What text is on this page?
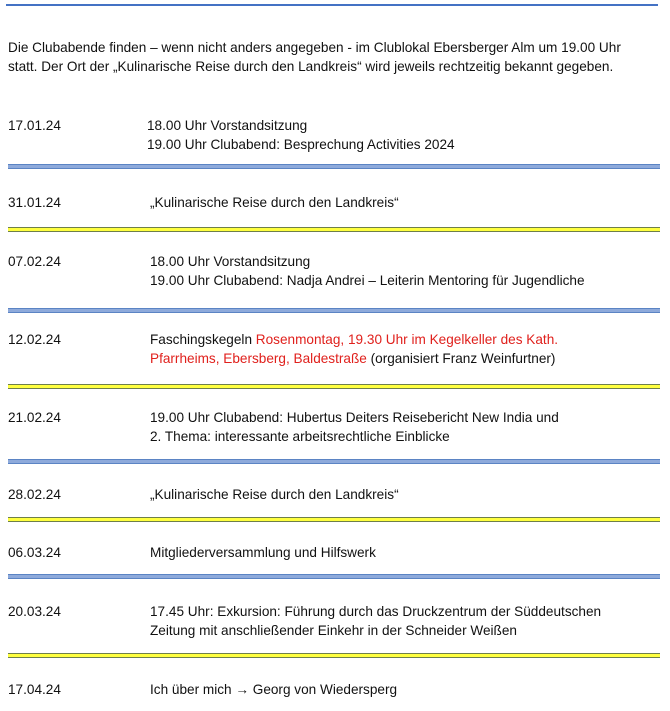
Die Clubabende finden – wenn nicht anders angegeben - im Clublokal Ebersberger Alm um 19.00 Uhr statt. Der Ort der „Kulinarische Reise durch den Landkreis“ wird jeweils rechtzeitig bekannt gegeben.
17.01.24	18.00 Uhr Vorstandsitzung
19.00 Uhr Clubabend: Besprechung Activities 2024
31.01.24	„Kulinarische Reise durch den Landkreis“
07.02.24	18.00 Uhr Vorstandsitzung
19.00 Uhr Clubabend: Nadja Andrei – Leiterin Mentoring für Jugendliche
12.02.24	Faschingskegeln Rosenmontag, 19.30 Uhr im Kegelkeller des Kath.
Pfarrheims, Ebersberg, Baldestraße (organisiert Franz Weinfurtner)
21.02.24	19.00 Uhr Clubabend: Hubertus Deiters Reisebericht New India und
2. Thema: interessante arbeitsrechtliche Einblicke
28.02.24	„Kulinarische Reise durch den Landkreis“
06.03.24	Mitgliederversammlung und Hilfswerk
20.03.24	17.45 Uhr: Exkursion: Führung durch das Druckzentrum der Süddeutschen
Zeitung mit anschließender Einkehr in der Schneider Weißen
17.04.24	Ich über mich → Georg von Wiedersperg
